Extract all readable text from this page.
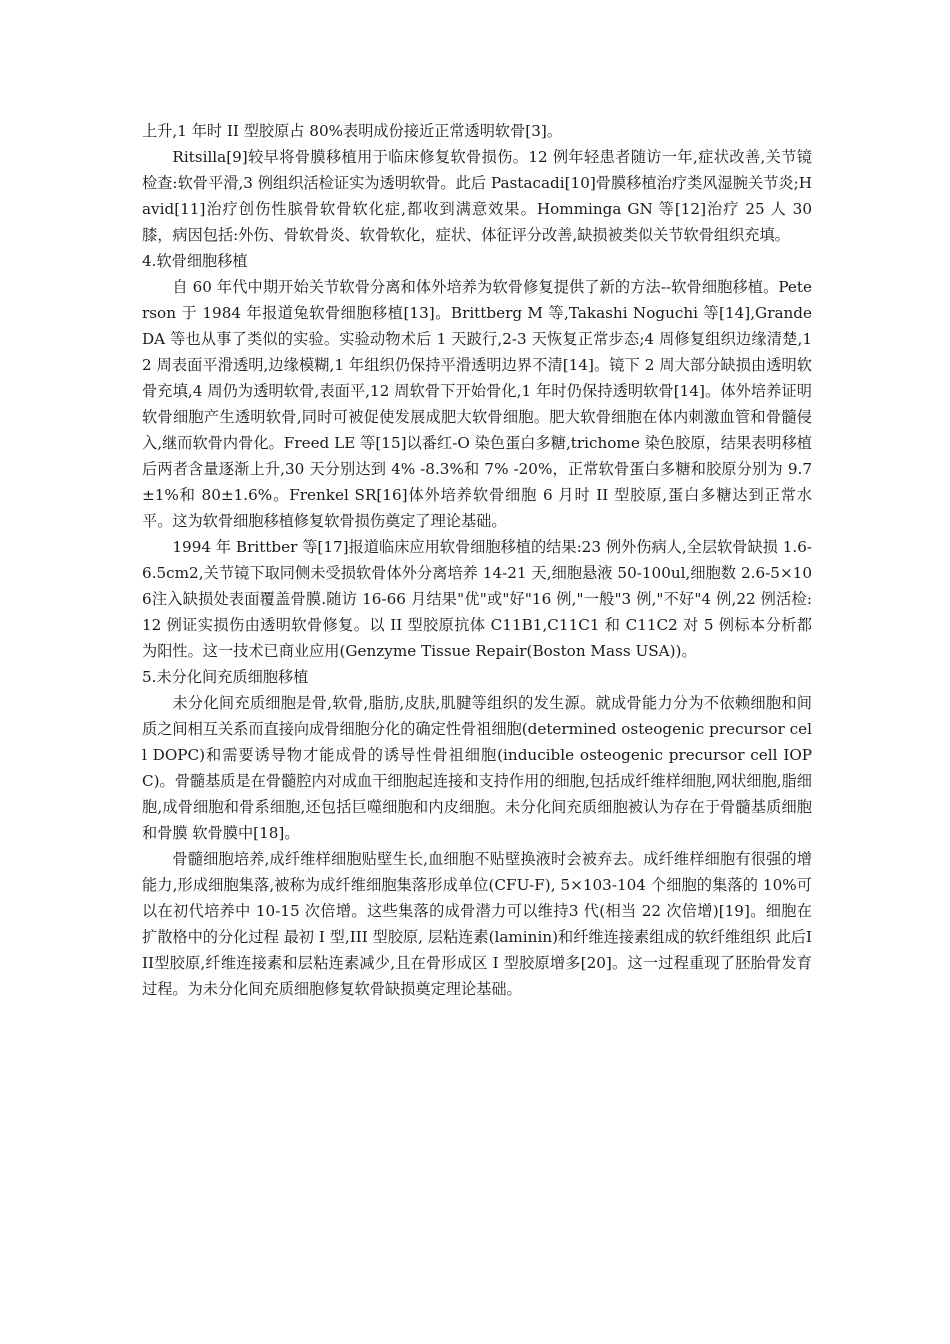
上升,1 年时 II 型胶原占 80%表明成份接近正常透明软骨[3]。

Ritsilla[9]较早将骨膜移植用于临床修复软骨损伤。12 例年轻患者随访一年,症状改善,关节镜检查:软骨平滑,3 例组织活检证实为透明软骨。此后 Pastacadi[10]骨膜移植治疗类风湿腕关节炎;Havid[11]治疗创伤性膑骨软骨软化症,都收到满意效果。Homminga GN 等[12]治疗 25 人 30 膝，病因包括:外伤、骨软骨炎、软骨软化，症状、体征评分改善,缺损被类似关节软骨组织充填。

4.软骨细胞移植

自 60 年代中期开始关节软骨分离和体外培养为软骨修复提供了新的方法--软骨细胞移植。Peterson 于 1984 年报道兔软骨细胞移植[13]。Brittberg M 等,Takashi Noguchi 等[14],Grande DA 等也从事了类似的实验。实验动物术后 1 天跛行,2-3 天恢复正常步态;4 周修复组织边缘清楚,12 周表面平滑透明,边缘模糊,1 年组织仍保持平滑透明边界不清[14]。镜下 2 周大部分缺损由透明软骨充填,4 周仍为透明软骨,表面平,12 周软骨下开始骨化,1 年时仍保持透明软骨[14]。体外培养证明软骨细胞产生透明软骨,同时可被促使发展成肥大软骨细胞。肥大软骨细胞在体内刺激血管和骨髓侵入,继而软骨内骨化。Freed LE 等[15]以番红-O 染色蛋白多糖,trichome 染色胶原，结果表明移植后两者含量逐渐上升,30 天分别达到 4% -8.3%和 7% -20%，正常软骨蛋白多糖和胶原分别为 9.7±1%和 80±1.6%。Frenkel SR[16]体外培养软骨细胞 6 月时 II 型胶原,蛋白多糖达到正常水平。这为软骨细胞移植修复软骨损伤奠定了理论基础。

1994 年 Brittber 等[17]报道临床应用软骨细胞移植的结果:23 例外伤病人,全层软骨缺损 1.6-6.5cm2,关节镜下取同侧未受损软骨体外分离培养 14-21 天,细胞悬液 50-100ul,细胞数 2.6-5×106注入缺损处表面覆盖骨膜.随访 16-66 月结果"优"或"好"16 例,"一般"3 例,"不好"4 例,22 例活检:12 例证实损伤由透明软骨修复。以 II 型胶原抗体 C11B1,C11C1 和 C11C2 对 5 例标本分析都为阳性。这一技术已商业应用(Genzyme Tissue Repair(Boston Mass USA))。

5.未分化间充质细胞移植

未分化间充质细胞是骨,软骨,脂肪,皮肤,肌腱等组织的发生源。就成骨能力分为不依赖细胞和间质之间相互关系而直接向成骨细胞分化的确定性骨祖细胞(determined osteogenic precursor cell DOPC)和需要诱导物才能成骨的诱导性骨祖细胞(inducible osteogenic precursor cell IOPC)。骨髓基质是在骨髓腔内对成血干细胞起连接和支持作用的细胞,包括成纤维样细胞,网状细胞,脂细胞,成骨细胞和骨系细胞,还包括巨噬细胞和内皮细胞。未分化间充质细胞被认为存在于骨髓基质细胞和骨膜 软骨膜中[18]。

骨髓细胞培养,成纤维样细胞贴壁生长,血细胞不贴壁换液时会被弃去。成纤维样细胞有很强的增能力,形成细胞集落,被称为成纤维细胞集落形成单位(CFU-F), 5×103-104 个细胞的集落的 10%可以在初代培养中 10-15 次倍增。这些集落的成骨潜力可以维持3 代(相当 22 次倍增)[19]。细胞在扩散格中的分化过程 最初 I 型,III 型胶原, 层粘连素(laminin)和纤维连接素组成的软纤维组织 此后III型胶原,纤维连接素和层粘连素减少,且在骨形成区 I 型胶原增多[20]。这一过程重现了胚胎骨发育过程。为未分化间充质细胞修复软骨缺损奠定理论基础。
